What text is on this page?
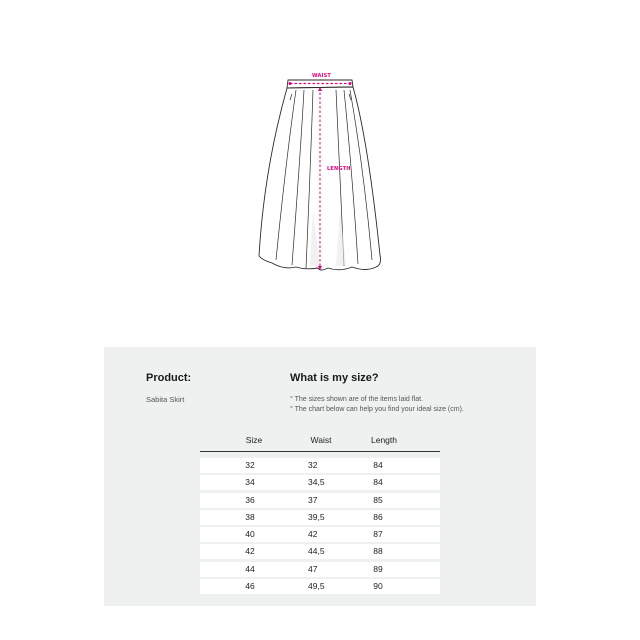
WAIST
LENGTH
Product:
Sabita Skirt
What is my size?
° The sizes shown are of the items laid flat.
° The chart below can help you find your ideal size (cm).
Size	Waist	Length
32	32	84
34	34,5	84
36	37	85
38	39,5	86
40	42	87
42	44,5	88
44	47	89
46	49,5	90
